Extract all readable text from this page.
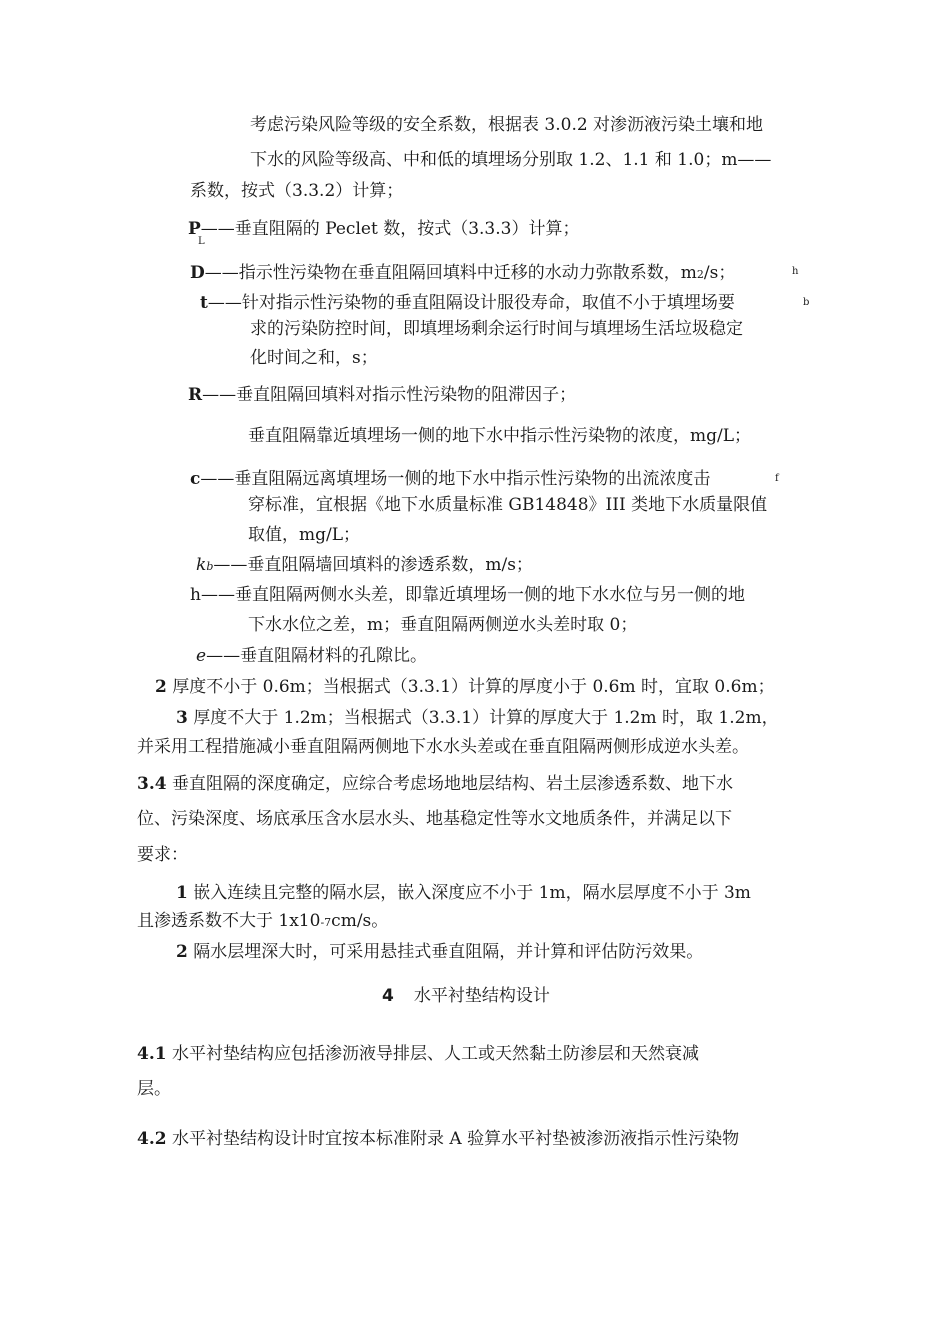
考虑污染风险等级的安全系数，根据表 3.0.2 对渗沥液污染土壤和地
下水的风险等级高、中和低的填埋场分别取 1.2、1.1 和 1.0；m——
系数，按式（3.3.2）计算；
P——垂直阻隔的 Peclet 数，按式（3.3.3）计算；
L
D——指示性污染物在垂直阻隔回填料中迁移的水动力弥散系数，m2/s；	h
t——针对指示性污染物的垂直阻隔设计服役寿命，取值不小于填埋场要	b
求的污染防控时间，即填埋场剩余运行时间与填埋场生活垃圾稳定
化时间之和，s；
R——垂直阻隔回填料对指示性污染物的阻滞因子；
垂直阻隔靠近填埋场一侧的地下水中指示性污染物的浓度，mg/L；
c——垂直阻隔远离填埋场一侧的地下水中指示性污染物的出流浓度击	f
穿标准，宜根据《地下水质量标准 GB14848》III 类地下水质量限值
取值，mg/L；
kb——垂直阻隔墙回填料的渗透系数，m/s；
h——垂直阻隔两侧水头差，即靠近填埋场一侧的地下水水位与另一侧的地
下水水位之差，m；垂直阻隔两侧逆水头差时取 0；
e——垂直阻隔材料的孔隙比。
2 厚度不小于 0.6m；当根据式（3.3.1）计算的厚度小于 0.6m 时，宜取 0.6m；
3 厚度不大于 1.2m；当根据式（3.3.1）计算的厚度大于 1.2m 时，取 1.2m，
并采用工程措施减小垂直阻隔两侧地下水水头差或在垂直阻隔两侧形成逆水头差。
3.4 垂直阻隔的深度确定，应综合考虑场地地层结构、岩土层渗透系数、地下水
位、污染深度、场底承压含水层水头、地基稳定性等水文地质条件，并满足以下
要求：
1 嵌入连续且完整的隔水层，嵌入深度应不小于 1m，隔水层厚度不小于 3m
且渗透系数不大于 1x10-7cm/s。
2 隔水层埋深大时，可采用悬挂式垂直阻隔，并计算和评估防污效果。
4 水平衬垫结构设计
4.1 水平衬垫结构应包括渗沥液导排层、人工或天然黏土防渗层和天然衰减
层。
4.2 水平衬垫结构设计时宜按本标准附录 A 验算水平衬垫被渗沥液指示性污染物
